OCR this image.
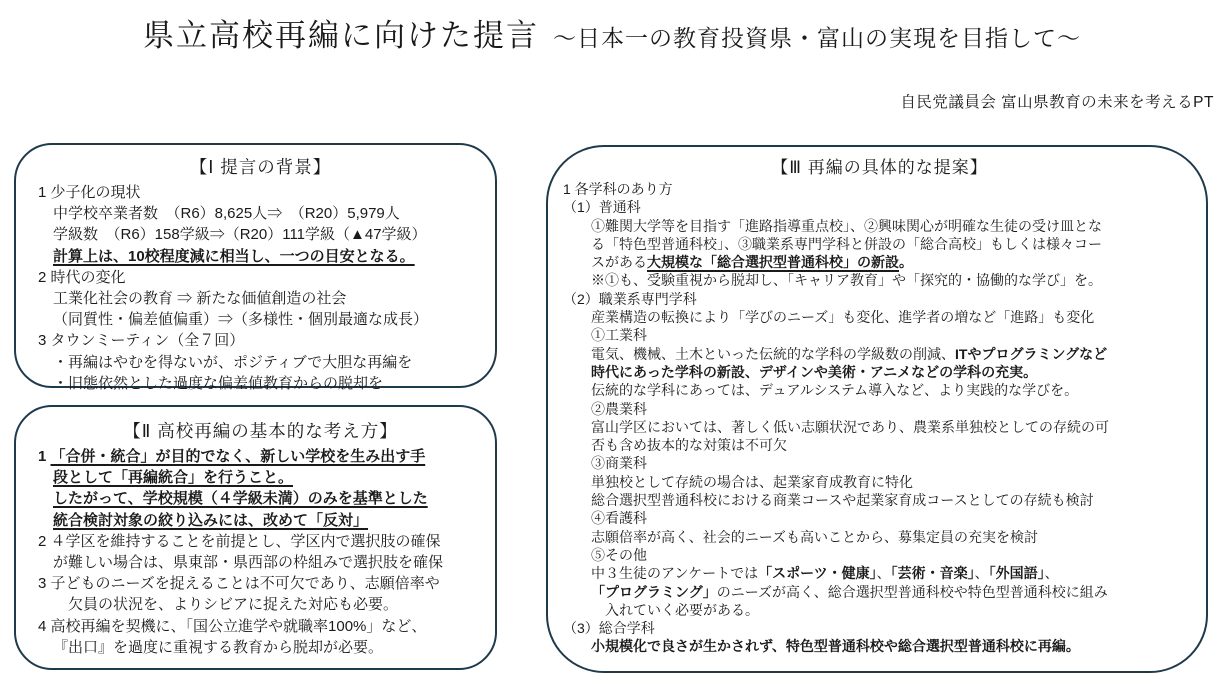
県立高校再編に向けた提言 ～日本一の教育投資県・富山の実現を目指して～
自民党議員会 富山県教育の未来を考えるPT
【Ⅰ 提言の背景】
1 少子化の現状
中学校卒業者数　（R6）8,625人⇒　（R20）5,979人
学級数　（R6）158学級⇒（R20）111学級（▲47学級）
計算上は、10校程度減に相当し、一つの目安となる。
2 時代の変化
工業化社会の教育 ⇒ 新たな価値創造の社会
（同質性・偏差値偏重）⇒（多様性・個別最適な成長）
3 タウンミーティン（全７回）
・再編はやむを得ないが、ポジティブで大胆な再編を
・旧態依然とした過度な偏差値教育からの脱却を
【Ⅱ 高校再編の基本的な考え方】
1 「合併・統合」が目的でなく、新しい学校を生み出す手
段として「再編統合」を行うこと。
したがって、学校規模（４学級未満）のみを基準とした
統合検討対象の絞り込みには、改めて「反対」
2 ４学区を維持することを前提とし、学区内で選択肢の確保
が難しい場合は、県東部・県西部の枠組みで選択肢を確保
3 子どものニーズを捉えることは不可欠であり、志願倍率や
欠員の状況を、よりシビアに捉えた対応も必要。
4 高校再編を契機に、「国公立進学や就職率100%」など、
『出口』を過度に重視する教育から脱却が必要。
【Ⅲ 再編の具体的な提案】
1 各学科のあり方
（1）普通科
①難関大学等を目指す「進路指導重点校」、②興味関心が明確な生徒の受け皿とな
る「特色型普通科校」、③職業系専門学科と併設の「総合高校」もしくは様々コー
スがある大規模な「総合選択型普通科校」の新設。
※①も、受験重視から脱却し、「キャリア教育」や「探究的・協働的な学び」を。
（2）職業系専門学科
産業構造の転換により「学びのニーズ」も変化、進学者の増など「進路」も変化
①工業科
電気、機械、土木といった伝統的な学科の学級数の削減、ITやプログラミングなど
時代にあった学科の新設、デザインや美術・アニメなどの学科の充実。
伝統的な学科にあっては、デュアルシステム導入など、より実践的な学びを。
②農業科
富山学区においては、著しく低い志願状況であり、農業系単独校としての存続の可
否も含め抜本的な対策は不可欠
③商業科
単独校として存続の場合は、起業家育成教育に特化
総合選択型普通科校における商業コースや起業家育成コースとしての存続も検討
④看護科
志願倍率が高く、社会的ニーズも高いことから、募集定員の充実を検討
⑤その他
中３生徒のアンケートでは「スポーツ・健康」、「芸術・音楽」、「外国語」、
「プログラミング」のニーズが高く、総合選択型普通科校や特色型普通科校に組み
入れていく必要がある。
（3）総合学科
小規模化で良さが生かされず、特色型普通科校や総合選択型普通科校に再編。
